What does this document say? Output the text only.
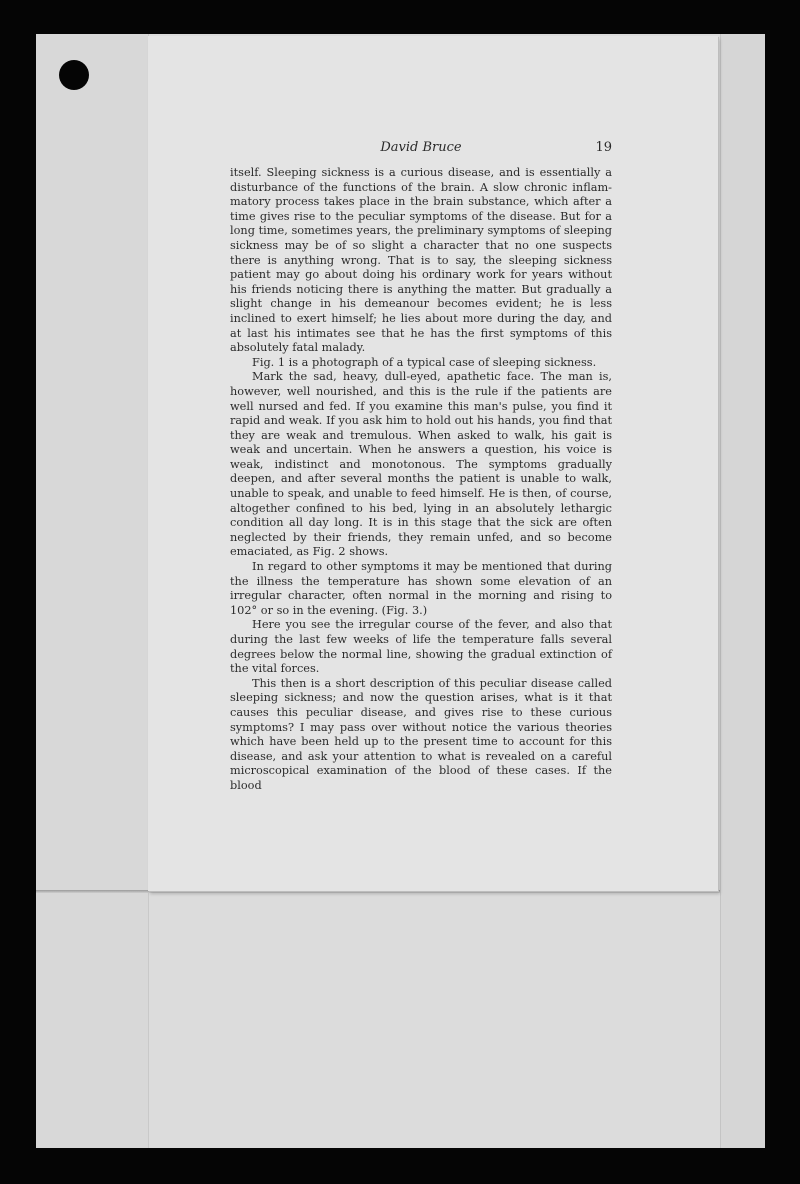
David Bruce	19

itself. Sleeping sickness is a curious disease, and is essentially a disturbance of the functions of the brain. A slow chronic inflam- matory process takes place in the brain substance, which after a time gives rise to the peculiar symptoms of the disease. But for a long time, sometimes years, the preliminary symptoms of sleeping sickness may be of so slight a character that no one suspects there is anything wrong. That is to say, the sleeping sickness patient may go about doing his ordinary work for years without his friends noticing there is anything the matter. But gradually a slight change in his demeanour becomes evident; he is less inclined to exert himself; he lies about more during the day, and at last his intimates see that he has the first symptoms of this absolutely fatal malady.

Fig. 1 is a photograph of a typical case of sleeping sickness.

Mark the sad, heavy, dull-eyed, apathetic face. The man is, however, well nourished, and this is the rule if the patients are well nursed and fed. If you examine this man's pulse, you find it rapid and weak. If you ask him to hold out his hands, you find that they are weak and tremulous. When asked to walk, his gait is weak and uncertain. When he answers a question, his voice is weak, indistinct and monotonous. The symptoms gradually deepen, and after several months the patient is unable to walk, unable to speak, and unable to feed himself. He is then, of course, altogether confined to his bed, lying in an absolutely lethargic condition all day long. It is in this stage that the sick are often neglected by their friends, they remain unfed, and so become emaciated, as Fig. 2 shows.

In regard to other symptoms it may be mentioned that during the illness the temperature has shown some elevation of an irregular character, often normal in the morning and rising to 102° or so in the evening. (Fig. 3.)

Here you see the irregular course of the fever, and also that during the last few weeks of life the temperature falls several degrees below the normal line, showing the gradual extinction of the vital forces.

This then is a short description of this peculiar disease called sleeping sickness; and now the question arises, what is it that causes this peculiar disease, and gives rise to these curious symptoms? I may pass over without notice the various theories which have been held up to the present time to account for this disease, and ask your attention to what is revealed on a careful microscopical examination of the blood of these cases. If the blood
